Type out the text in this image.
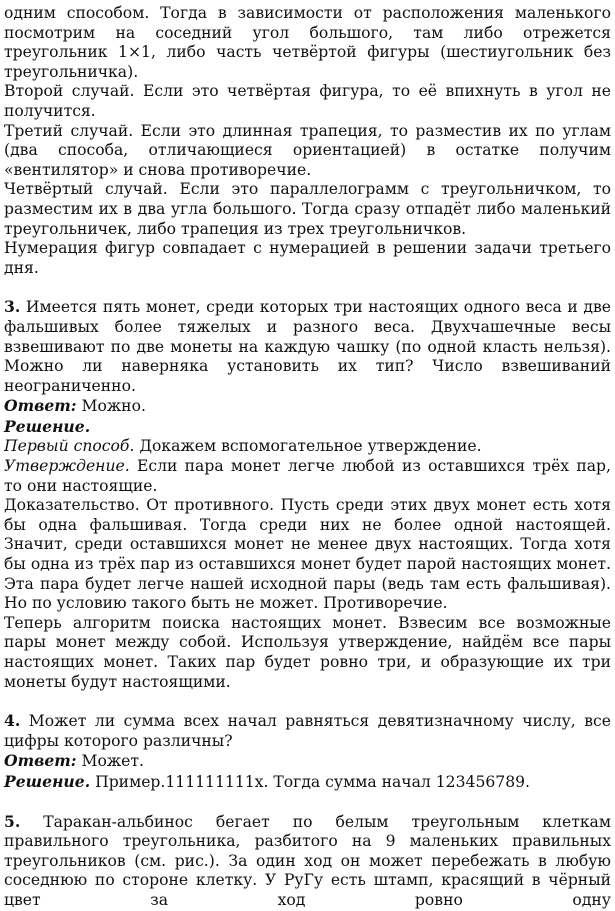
одним способом. Тогда в зависимости от расположения маленького посмотрим на соседний угол большого, там либо отрежется треугольник 1×1, либо часть четвёртой фигуры (шестиугольник без треугольничка).

Второй случай. Если это четвёртая фигура, то её впихнуть в угол не получится.

Третий случай. Если это длинная трапеция, то разместив их по углам (два способа, отличающиеся ориентацией) в остатке получим «вентилятор» и снова противоречие.

Четвёртый случай. Если это параллелограмм с треугольничком, то разместим их в два угла большого. Тогда сразу отпадёт либо маленький треугольничек, либо трапеция из трех треугольничков.

Нумерация фигур совпадает с нумерацией в решении задачи третьего дня.

3. Имеется пять монет, среди которых три настоящих одного веса и две фальшивых более тяжелых и разного веса. Двухчашечные весы взвешивают по две монеты на каждую чашку (по одной класть нельзя). Можно ли наверняка установить их тип? Число взвешиваний неограниченно.

Ответ: Можно.

Решение.

Первый способ. Докажем вспомогательное утверждение.

Утверждение. Если пара монет легче любой из оставшихся трёх пар, то они настоящие.

Доказательство. От противного. Пусть среди этих двух монет есть хотя бы одна фальшивая. Тогда среди них не более одной настоящей. Значит, среди оставшихся монет не менее двух настоящих. Тогда хотя бы одна из трёх пар из оставшихся монет будет парой настоящих монет. Эта пара будет легче нашей исходной пары (ведь там есть фальшивая). Но по условию такого быть не может. Противоречие.

Теперь алгоритм поиска настоящих монет. Взвесим все возможные пары монет между собой. Используя утверждение, найдём все пары настоящих монет. Таких пар будет ровно три, и образующие их три монеты будут настоящими.

4. Может ли сумма всех начал равняться девятизначному числу, все цифры которого различны?

Ответ: Может.

Решение. Пример.111111111x. Тогда сумма начал 123456789.

5. Таракан-альбинос бегает по белым треугольным клеткам правильного треугольника, разбитого на 9 маленьких правильных треугольников (см. рис.). За один ход он может перебежать в любую соседнюю по стороне клетку. У РуГу есть штамп, красящий в чёрный цвет за ход ровно одну
